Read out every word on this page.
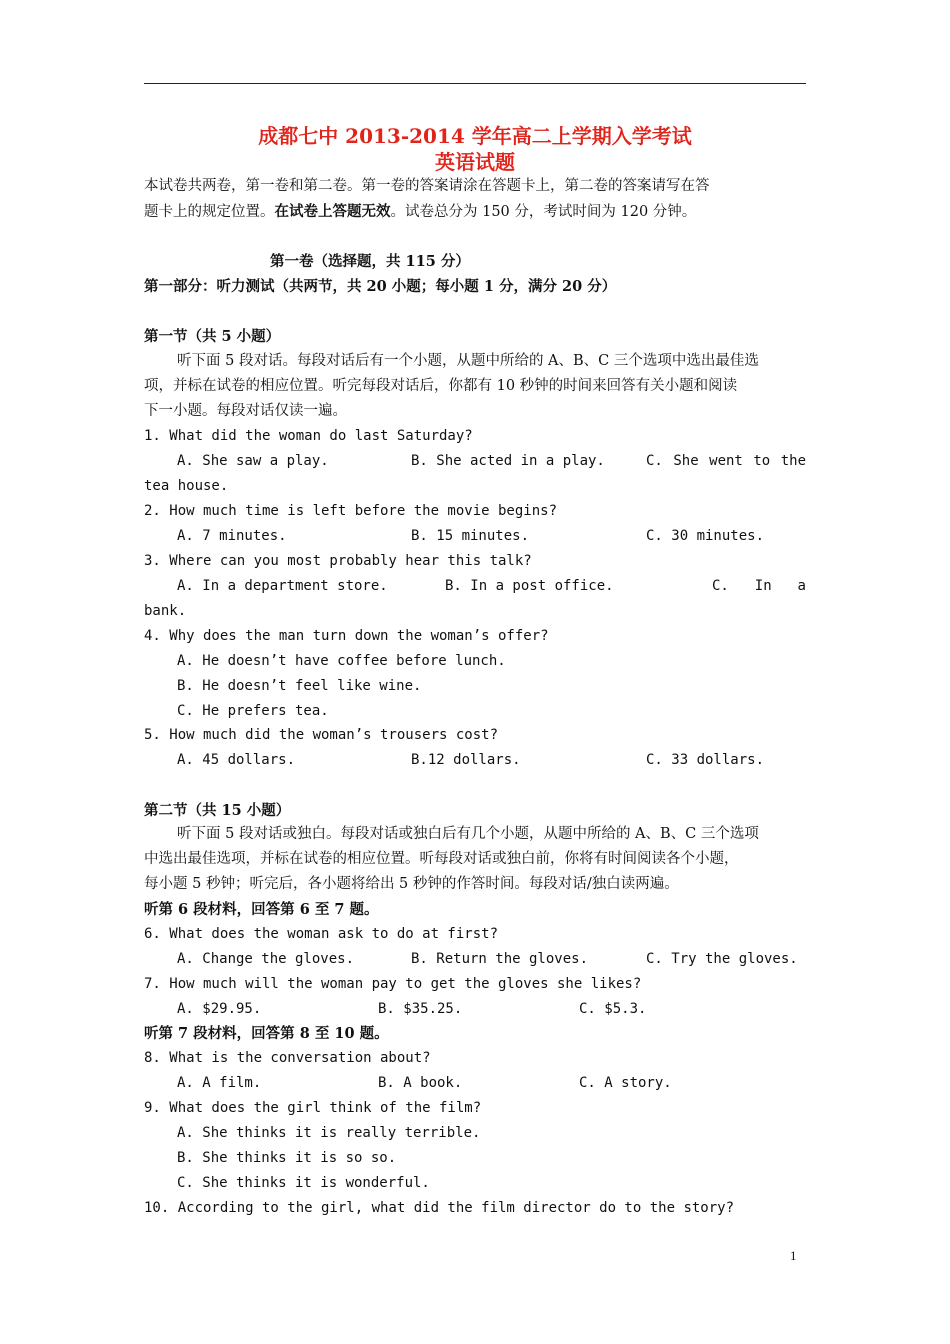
成都七中 2013-2014 学年高二上学期入学考试
英语试题
本试卷共两卷，第一卷和第二卷。第一卷的答案请涂在答题卡上，第二卷的答案请写在答
题卡上的规定位置。在试卷上答题无效。试卷总分为 150 分，考试时间为 120 分钟。
第一卷（选择题，共 115 分）
第一部分：听力测试（共两节，共 20 小题；每小题 1 分，满分 20 分）
第一节（共 5 小题）
听下面 5 段对话。每段对话后有一个小题，从题中所给的 A、B、C 三个选项中选出最佳选
项，并标在试卷的相应位置。听完每段对话后，你都有 10 秒钟的时间来回答有关小题和阅读
下一小题。每段对话仅读一遍。
1. What did the woman do last Saturday?
A. She saw a play.	B. She acted in a play.	C. She went to the
tea house.
2. How much time is left before the movie begins?
A. 7 minutes.	B. 15 minutes.	C. 30 minutes.
3. Where can you most probably hear this talk?
A. In a department store.	B. In a post office.	C. In a
bank.
4. Why does the man turn down the woman’s offer?
A. He doesn’t have coffee before lunch.
B. He doesn’t feel like wine.
C. He prefers tea.
5. How much did the woman’s trousers cost?
A. 45 dollars.	B.12 dollars.	C. 33 dollars.
第二节（共 15 小题）
听下面 5 段对话或独白。每段对话或独白后有几个小题，从题中所给的 A、B、C 三个选项
中选出最佳选项，并标在试卷的相应位置。听每段对话或独白前，你将有时间阅读各个小题，
每小题 5 秒钟；听完后，各小题将给出 5 秒钟的作答时间。每段对话/独白读两遍。
听第 6 段材料，回答第 6 至 7 题。
6. What does the woman ask to do at first?
A. Change the gloves.	B. Return the gloves.	C. Try the gloves.
7. How much will the woman pay to get the gloves she likes?
A. $29.95.	B. $35.25.	C. $5.3.
听第 7 段材料，回答第 8 至 10 题。
8. What is the conversation about?
A. A film.	B. A book.	C. A story.
9. What does the girl think of the film?
A. She thinks it is really terrible.
B. She thinks it is so so.
C. She thinks it is wonderful.
10. According to the girl, what did the film director do to the story?
1
